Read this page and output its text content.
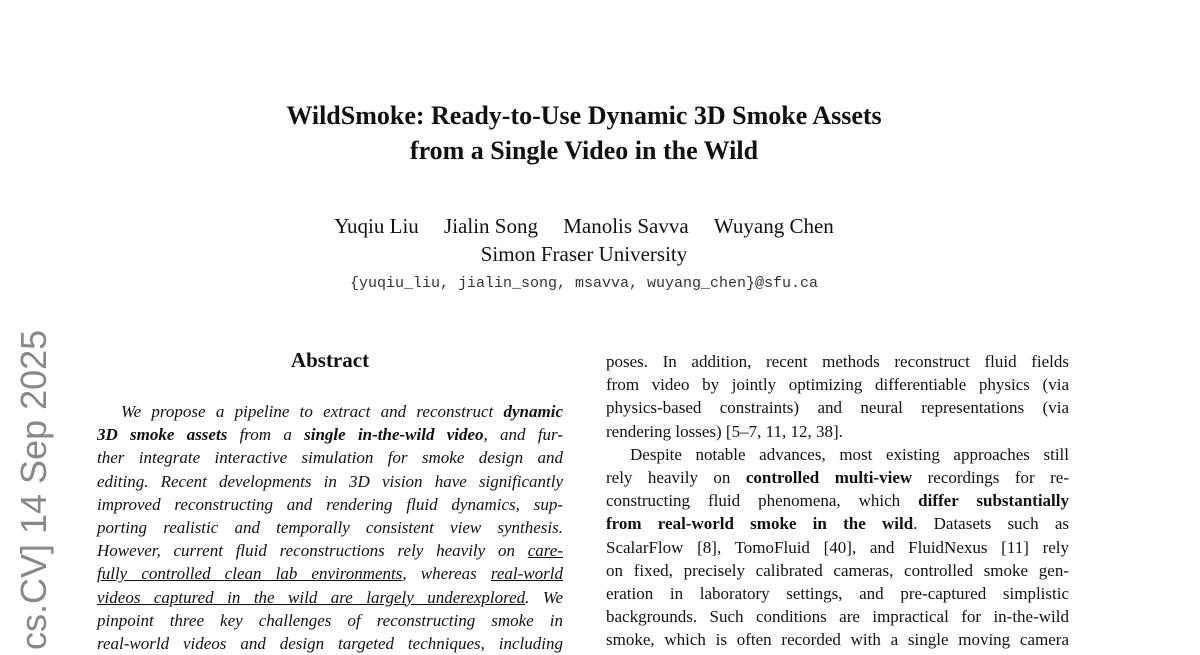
cs.CV] 14 Sep 2025
WildSmoke: Ready-to-Use Dynamic 3D Smoke Assets
from a Single Video in the Wild
Yuqiu Liu Jialin Song Manolis Savva Wuyang Chen
Simon Fraser University
{yuqiu_liu, jialin_song, msavva, wuyang_chen}@sfu.ca
Abstract
We propose a pipeline to extract and reconstruct dynamic
3D smoke assets from a single in-the-wild video, and fur-
ther integrate interactive simulation for smoke design and
editing. Recent developments in 3D vision have significantly
improved reconstructing and rendering fluid dynamics, sup-
porting realistic and temporally consistent view synthesis.
However, current fluid reconstructions rely heavily on care-
fully controlled clean lab environments, whereas real-world
videos captured in the wild are largely underexplored. We
pinpoint three key challenges of reconstructing smoke in
real-world videos and design targeted techniques, including
poses. In addition, recent methods reconstruct fluid fields
from video by jointly optimizing differentiable physics (via
physics-based constraints) and neural representations (via
rendering losses) [5–7, 11, 12, 38].
Despite notable advances, most existing approaches still
rely heavily on controlled multi-view recordings for re-
constructing fluid phenomena, which differ substantially
from real-world smoke in the wild. Datasets such as
ScalarFlow [8], TomoFluid [40], and FluidNexus [11] rely
on fixed, precisely calibrated cameras, controlled smoke gen-
eration in laboratory settings, and pre-captured simplistic
backgrounds. Such conditions are impractical for in-the-wild
smoke, which is often recorded with a single moving camera
